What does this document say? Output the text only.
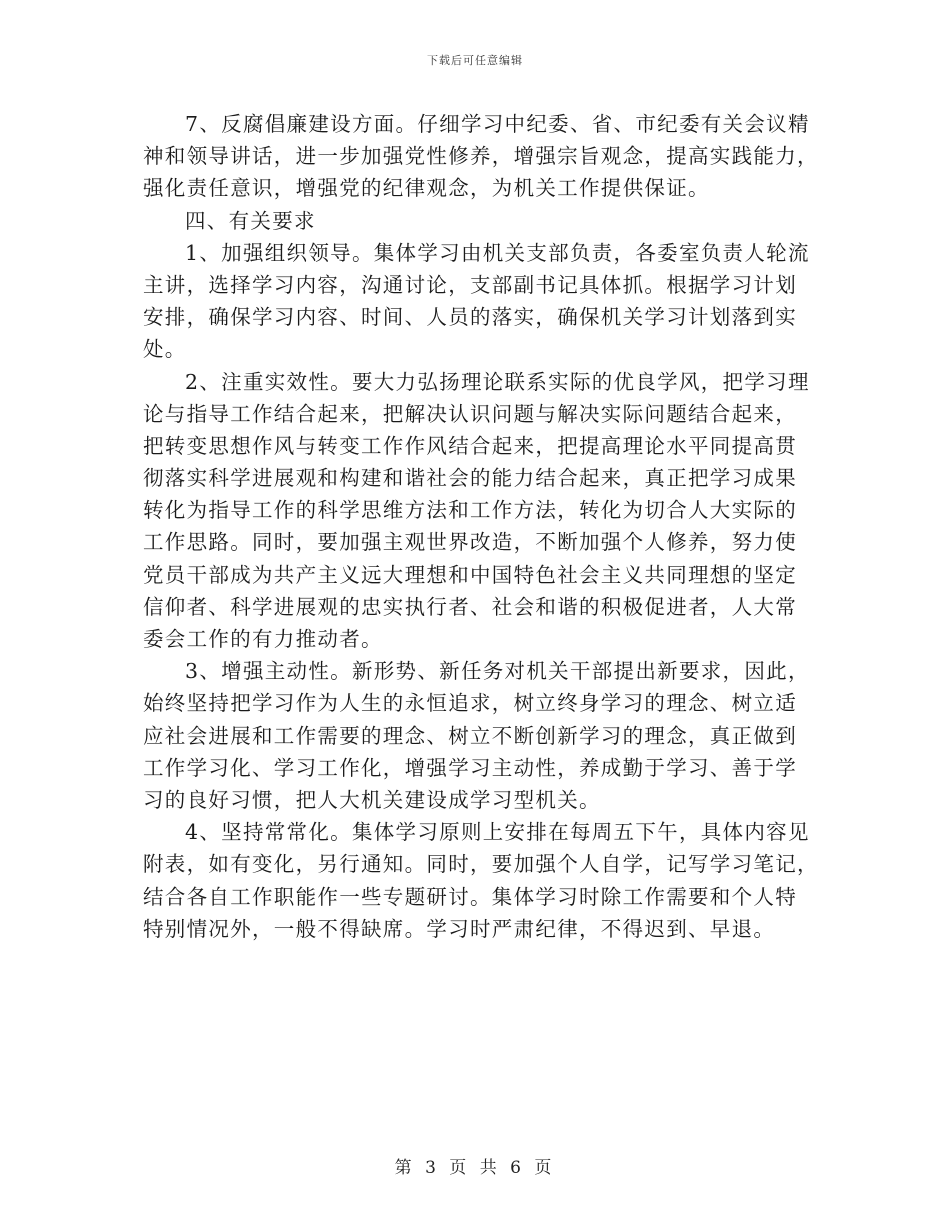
下载后可任意编辑
7、反腐倡廉建设方面。仔细学习中纪委、省、市纪委有关会议精
神和领导讲话，进一步加强党性修养，增强宗旨观念，提高实践能力，
强化责任意识，增强党的纪律观念，为机关工作提供保证。
四、有关要求
1、加强组织领导。集体学习由机关支部负责，各委室负责人轮流
主讲，选择学习内容，沟通讨论，支部副书记具体抓。根据学习计划
安排，确保学习内容、时间、人员的落实，确保机关学习计划落到实
处。
2、注重实效性。要大力弘扬理论联系实际的优良学风，把学习理
论与指导工作结合起来，把解决认识问题与解决实际问题结合起来，
把转变思想作风与转变工作作风结合起来，把提高理论水平同提高贯
彻落实科学进展观和构建和谐社会的能力结合起来，真正把学习成果
转化为指导工作的科学思维方法和工作方法，转化为切合人大实际的
工作思路。同时，要加强主观世界改造，不断加强个人修养，努力使
党员干部成为共产主义远大理想和中国特色社会主义共同理想的坚定
信仰者、科学进展观的忠实执行者、社会和谐的积极促进者，人大常
委会工作的有力推动者。
3、增强主动性。新形势、新任务对机关干部提出新要求，因此，
始终坚持把学习作为人生的永恒追求，树立终身学习的理念、树立适
应社会进展和工作需要的理念、树立不断创新学习的理念，真正做到
工作学习化、学习工作化，增强学习主动性，养成勤于学习、善于学
习的良好习惯，把人大机关建设成学习型机关。
4、坚持常常化。集体学习原则上安排在每周五下午，具体内容见
附表，如有变化，另行通知。同时，要加强个人自学，记写学习笔记，
结合各自工作职能作一些专题研讨。集体学习时除工作需要和个人特
特别情况外，一般不得缺席。学习时严肃纪律，不得迟到、早退。
第 3 页 共 6 页
